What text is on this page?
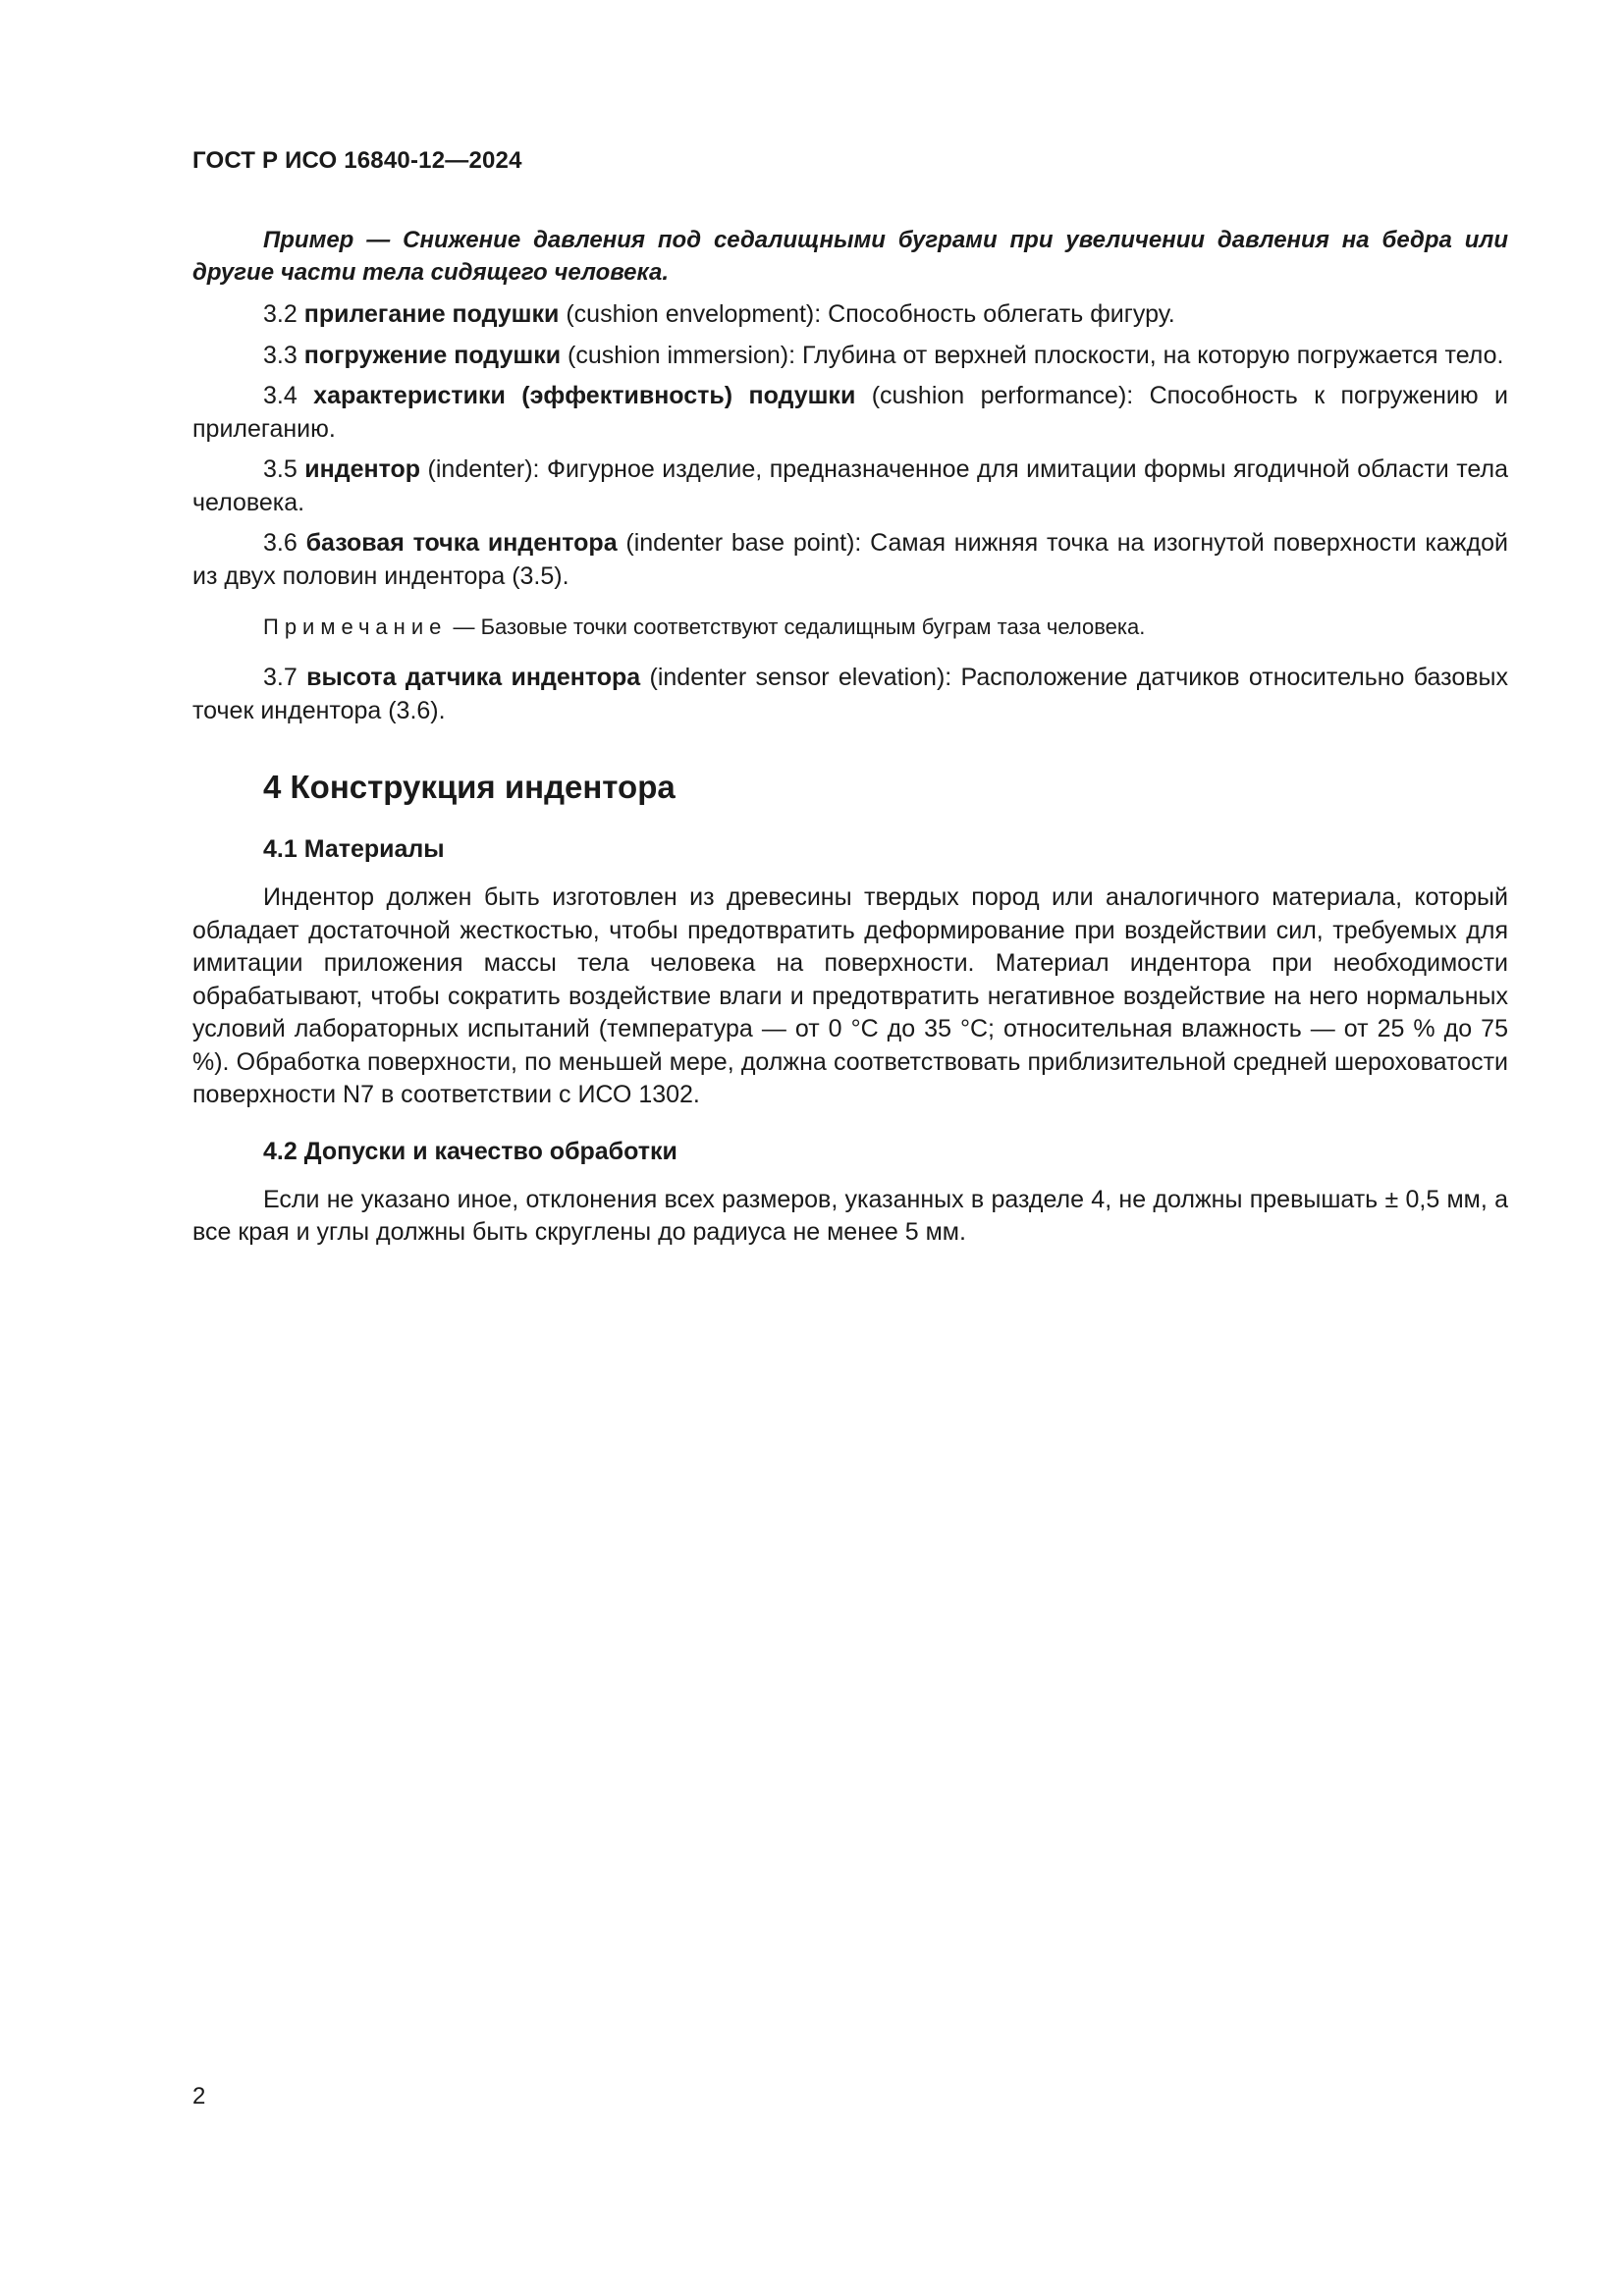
ГОСТ Р ИСО 16840-12—2024

Пример — Снижение давления под седалищными буграми при увеличении давления на бедра или другие части тела сидящего человека.

3.2 прилегание подушки (cushion envelopment): Способность облегать фигуру.

3.3 погружение подушки (cushion immersion): Глубина от верхней плоскости, на которую погружается тело.

3.4 характеристики (эффективность) подушки (cushion performance): Способность к погружению и прилеганию.

3.5 индентор (indenter): Фигурное изделие, предназначенное для имитации формы ягодичной области тела человека.

3.6 базовая точка индентора (indenter base point): Самая нижняя точка на изогнутой поверхности каждой из двух половин индентора (3.5).

Примечание — Базовые точки соответствуют седалищным буграм таза человека.

3.7 высота датчика индентора (indenter sensor elevation): Расположение датчиков относительно базовых точек индентора (3.6).

4 Конструкция индентора

4.1 Материалы

Индентор должен быть изготовлен из древесины твердых пород или аналогичного материала, который обладает достаточной жесткостью, чтобы предотвратить деформирование при воздействии сил, требуемых для имитации приложения массы тела человека на поверхности. Материал индентора при необходимости обрабатывают, чтобы сократить воздействие влаги и предотвратить негативное воздействие на него нормальных условий лабораторных испытаний (температура — от 0 °C до 35 °C; относительная влажность — от 25 % до 75 %). Обработка поверхности, по меньшей мере, должна соответствовать приблизительной средней шероховатости поверхности N7 в соответствии с ИСО 1302.

4.2 Допуски и качество обработки

Если не указано иное, отклонения всех размеров, указанных в разделе 4, не должны превышать ± 0,5 мм, а все края и углы должны быть скруглены до радиуса не менее 5 мм.

2
